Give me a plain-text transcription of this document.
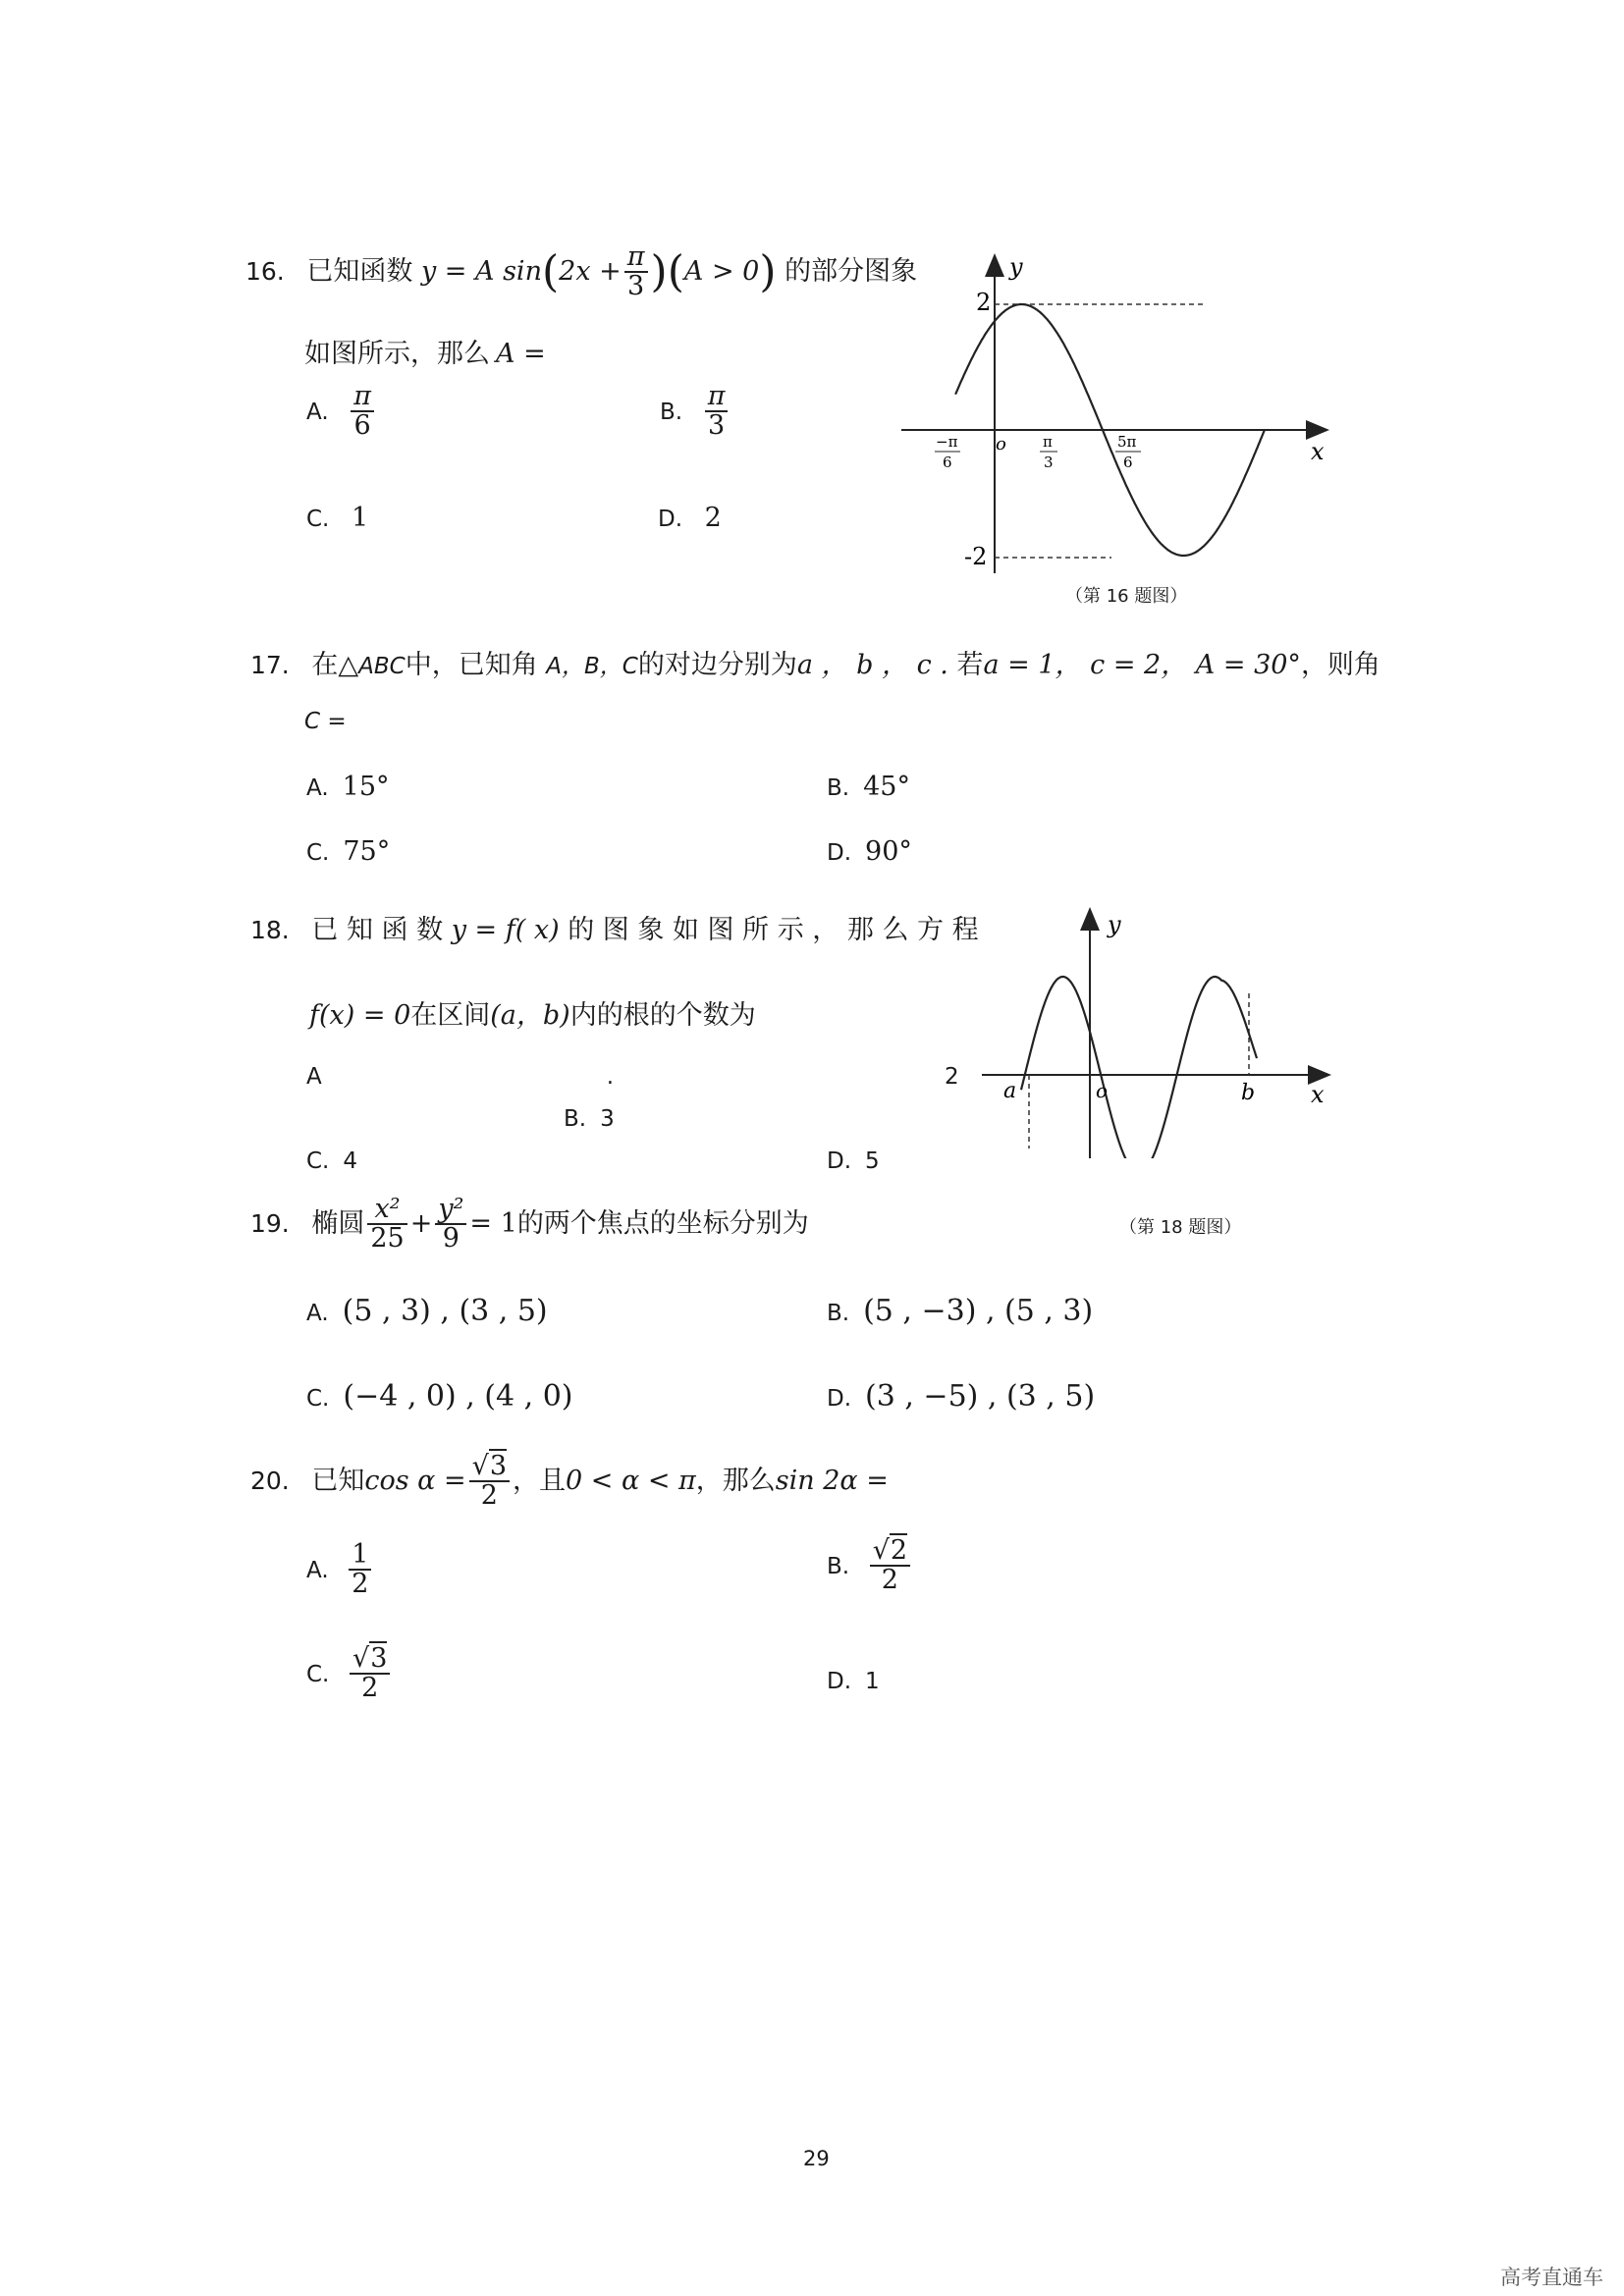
16. 已知函数 y = A $\sin(2x + \frac{\pi}{3} )(A > 0)$ 的部分图象
如图所示，那么 A =
A. $\frac{\pi}{6}$	B. $\frac{\pi}{3}$
C. 1	D. 2
y
x
o
2
-2
−π
6
π
3
5π
6
（第 16 题图）
17. 在△ABC中，已知角 A，B，C的对边分别为a ， b ， c . 若a = 1， c = 2， A = 30°，则角
C =
A. 15°	B. 45°
C. 75°	D. 90°
18. 已 知 函 数 y = f( x) 的 图 象 如 图 所 示 ， 那 么 方 程
f(x) = 0在区间(a，b)内的根的个数为
A	.
B. 3
C. 4	D. 5
2
y
x
o
a	b
（第 18 题图）
19. 椭圆 $\frac{\text{x²}}{25} + \frac{\text{y²}}{9} = 1$的两个焦点的坐标分别为
A. (5 , 3) , (3 , 5)	B. (5 , −3) , (5 , 3)
C. (−4 , 0) , (4 , 0)	D. (3 , −5) , (3 , 5)
20. 已知$\cos \alpha = \frac{√3}{2}$ ，且0 < α < π，那么sin 2α =
A. $\frac{1}{2}$	B. $\frac{√2}{2}$
C. $\frac{√3}{2}$	D. 1
29
高考直通车
